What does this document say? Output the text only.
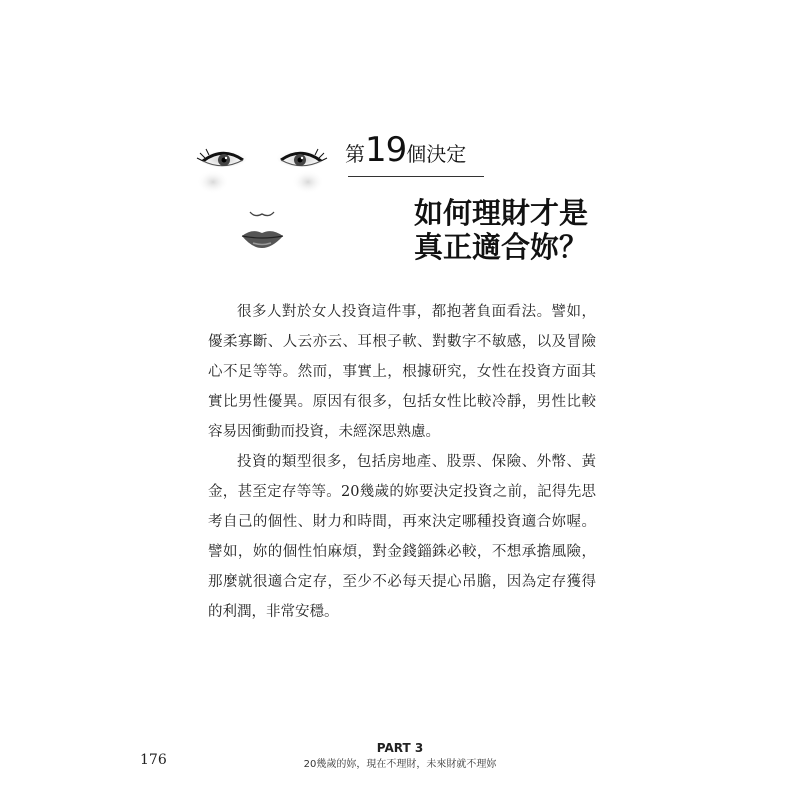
第19個決定
如何理財才是
真正適合妳？

很多人對於女人投資這件事，都抱著負面看法。譬如，優柔寡斷、人云亦云、耳根子軟、對數字不敏感，以及冒險心不足等等。然而，事實上，根據研究，女性在投資方面其實比男性優異。原因有很多，包括女性比較冷靜，男性比較容易因衝動而投資，未經深思熟慮。

投資的類型很多，包括房地產、股票、保險、外幣、黃金，甚至定存等等。20幾歲的妳要決定投資之前，記得先思考自己的個性、財力和時間，再來決定哪種投資適合妳喔。譬如，妳的個性怕麻煩，對金錢錙銖必較，不想承擔風險，那麼就很適合定存，至少不必每天提心吊膽，因為定存獲得的利潤，非常安穩。

176
PART 3
20幾歲的妳，現在不理財，未來財就不理妳
